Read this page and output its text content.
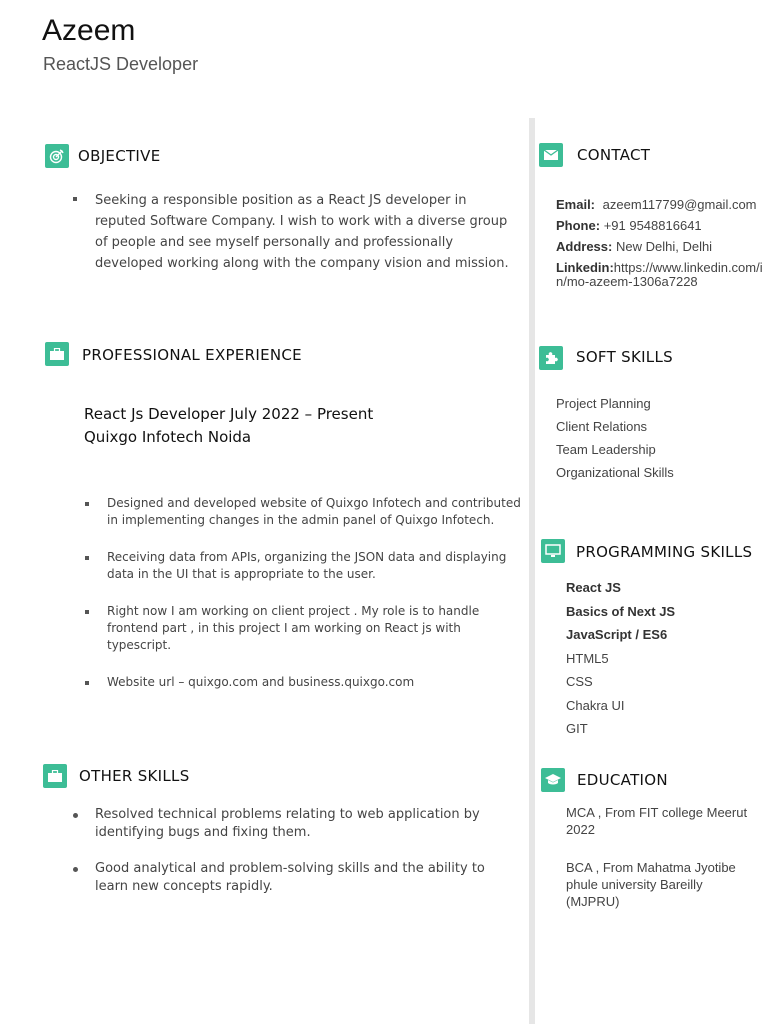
Azeem
ReactJS Developer
OBJECTIVE
Seeking a responsible position as a React JS developer in reputed Software Company. I wish to work with a diverse group of people and see myself personally and professionally developed working along with the company vision and mission.
PROFESSIONAL EXPERIENCE
React Js Developer July 2022 – Present
Quixgo Infotech Noida
Designed and developed website of Quixgo Infotech and contributed in implementing changes in the admin panel of Quixgo Infotech.
Receiving data from APIs, organizing the JSON data and displaying data in the UI that is appropriate to the user.
Right now I am working on client project . My role is to handle frontend part , in this project I am working on React js with typescript.
Website url – quixgo.com and business.quixgo.com
OTHER SKILLS
Resolved technical problems relating to web application by identifying bugs and fixing them.
Good analytical and problem-solving skills and the ability to learn new concepts rapidly.
CONTACT
Email: azeem117799@gmail.com
Phone: +91 9548816641
Address: New Delhi, Delhi
Linkedin:https://www.linkedin.com/i
n/mo-azeem-1306a7228
SOFT SKILLS
Project Planning
Client Relations
Team Leadership
Organizational Skills
PROGRAMMING SKILLS
React JS
Basics of Next JS
JavaScript / ES6
HTML5
CSS
Chakra UI
GIT
EDUCATION
MCA , From FIT college Meerut 2022
BCA , From Mahatma Jyotibe phule university Bareilly (MJPRU)
